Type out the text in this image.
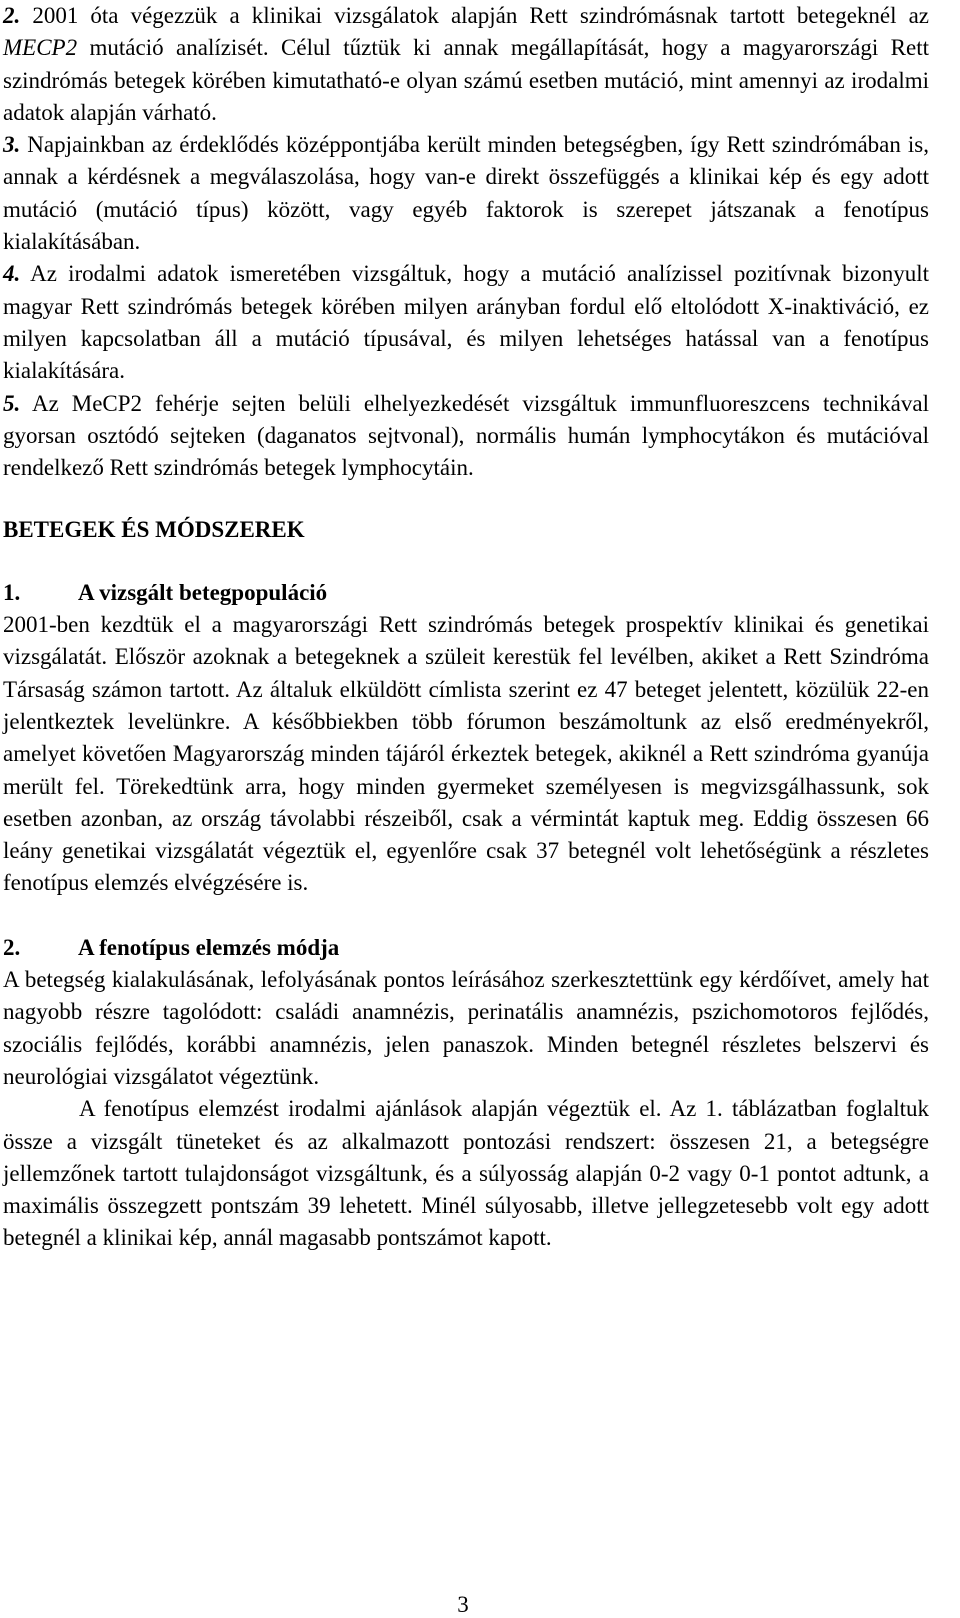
2. 2001 óta végezzük a klinikai vizsgálatok alapján Rett szindrómásnak tartott betegeknél az MECP2 mutáció analízisét. Célul tűztük ki annak megállapítását, hogy a magyarországi Rett szindrómás betegek körében kimutatható-e olyan számú esetben mutáció, mint amennyi az irodalmi adatok alapján várható.

3. Napjainkban az érdeklődés középpontjába került minden betegségben, így Rett szindrómában is, annak a kérdésnek a megválaszolása, hogy van-e direkt összefüggés a klinikai kép és egy adott mutáció (mutáció típus) között, vagy egyéb faktorok is szerepet játszanak a fenotípus kialakításában.

4. Az irodalmi adatok ismeretében vizsgáltuk, hogy a mutáció analízissel pozitívnak bizonyult magyar Rett szindrómás betegek körében milyen arányban fordul elő eltolódott X-inaktiváció, ez milyen kapcsolatban áll a mutáció típusával, és milyen lehetséges hatással van a fenotípus kialakítására.

5. Az MeCP2 fehérje sejten belüli elhelyezkedését vizsgáltuk immunfluoreszcens technikával gyorsan osztódó sejteken (daganatos sejtvonal), normális humán lymphocytákon és mutációval rendelkező Rett szindrómás betegek lymphocytáin.

BETEGEK ÉS MÓDSZEREK
1.	A vizsgált betegpopuláció

2001-ben kezdtük el a magyarországi Rett szindrómás betegek prospektív klinikai és genetikai vizsgálatát. Először azoknak a betegeknek a szüleit kerestük fel levélben, akiket a Rett Szindróma Társaság számon tartott. Az általuk elküldött címlista szerint ez 47 beteget jelentett, közülük 22-en jelentkeztek levelünkre. A későbbiekben több fórumon beszámoltunk az első eredményekről, amelyet követően Magyarország minden tájáról érkeztek betegek, akiknél a Rett szindróma gyanúja merült fel. Törekedtünk arra, hogy minden gyermeket személyesen is megvizsgálhassunk, sok esetben azonban, az ország távolabbi részeiből, csak a vérmintát kaptuk meg. Eddig összesen 66 leány genetikai vizsgálatát végeztük el, egyenlőre csak 37 betegnél volt lehetőségünk a részletes fenotípus elemzés elvégzésére is.

2.	A fenotípus elemzés módja

A betegség kialakulásának, lefolyásának pontos leírásához szerkesztettünk egy kérdőívet, amely hat nagyobb részre tagolódott: családi anamnézis, perinatális anamnézis, pszichomotoros fejlődés, szociális fejlődés, korábbi anamnézis, jelen panaszok. Minden betegnél részletes belszervi és neurológiai vizsgálatot végeztünk.

A fenotípus elemzést irodalmi ajánlások alapján végeztük el. Az 1. táblázatban foglaltuk össze a vizsgált tüneteket és az alkalmazott pontozási rendszert: összesen 21, a betegségre jellemzőnek tartott tulajdonságot vizsgáltunk, és a súlyosság alapján 0-2 vagy 0-1 pontot adtunk, a maximális összegzett pontszám 39 lehetett. Minél súlyosabb, illetve jellegzetesebb volt egy adott betegnél a klinikai kép, annál magasabb pontszámot kapott.

3
